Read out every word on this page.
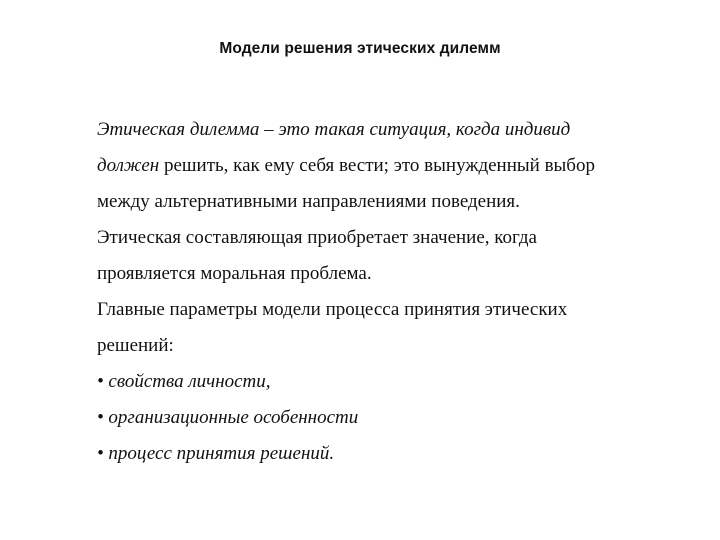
Модели решения этических дилемм
Этическая дилемма – это такая ситуация, когда индивид
должен решить, как ему себя вести; это вынужденный выбор
между альтернативными направлениями поведения.
Этическая составляющая приобретает значение, когда
проявляется моральная проблема.
Главные параметры модели процесса принятия этических
решений:
• свойства личности,
• организационные особенности
• процесс принятия решений.
